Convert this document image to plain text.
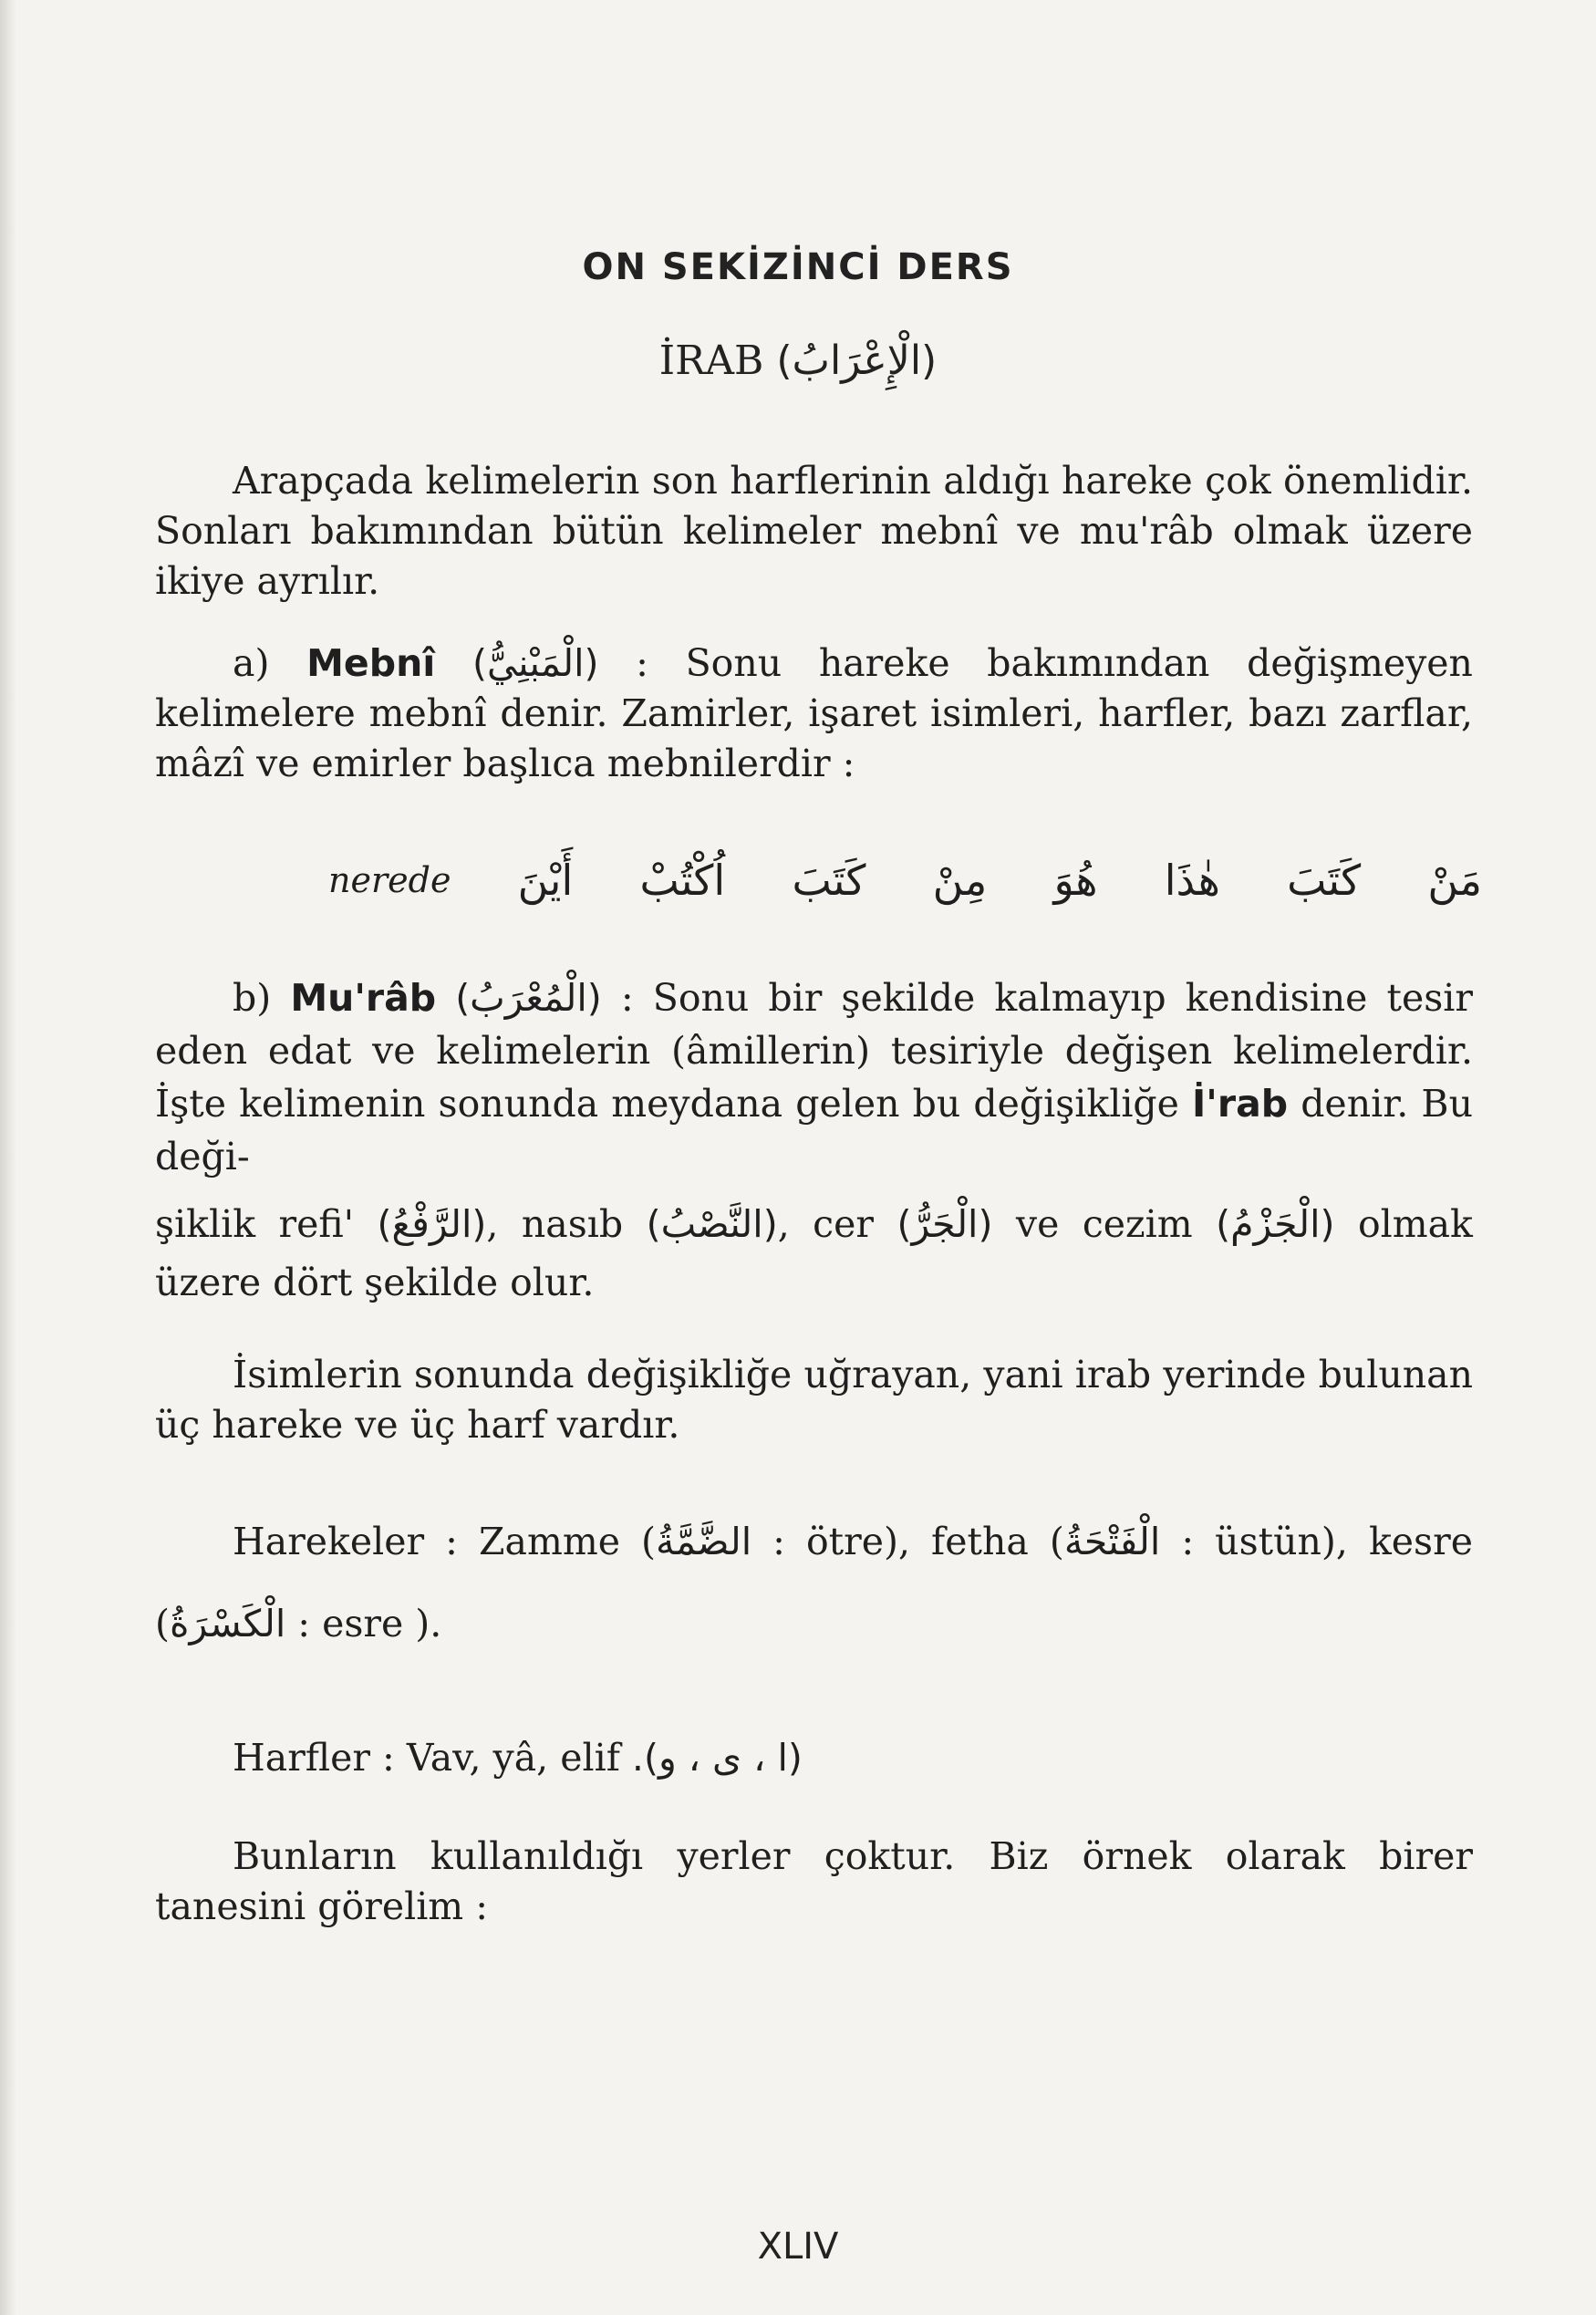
ON SEKİZİNCİ DERS
İRAB (الْإِعْرَابُ)
Arapçada kelimelerin son harflerinin aldığı hareke çok önemlidir. Sonları bakımından bütün kelimeler mebnî ve mu'râb olmak üzere ikiye ayrılır.
a) Mebnî (الْمَبْنِيُّ) : Sonu hareke bakımından değişmeyen kelimelere mebnî denir. Zamirler, işaret isimleri, harfler, bazı zarflar, mâzî ve emirler başlıca mebnilerdir :
nerede أَيْنَ اُكْتُبْ كَتَبَ مِنْ هُوَ هٰذَا كَتَبَ مَنْ
b) Mu'râb (الْمُعْرَبُ) : Sonu bir şekilde kalmayıp kendisine tesir eden edat ve kelimelerin (âmillerin) tesiriyle değişen kelimelerdir. İşte kelimenin sonunda meydana gelen bu değişikliğe İ'rab denir. Bu deği-
şiklik refi' (الرَّفْعُ), nasıb (النَّصْبُ), cer (الْجَرُّ) ve cezim (الْجَزْمُ) olmak üzere dört şekilde olur.
İsimlerin sonunda değişikliğe uğrayan, yani irab yerinde bulunan üç hareke ve üç harf vardır.
Harekeler : Zamme (الضَّمَّةُ : ötre), fetha (الْفَتْحَةُ : üstün), kesre (الْكَسْرَةُ : esre ).
Harfler : Vav, yâ, elif (ا ، ى ، و).
Bunların kullanıldığı yerler çoktur. Biz örnek olarak birer tanesini görelim :
XLIV
